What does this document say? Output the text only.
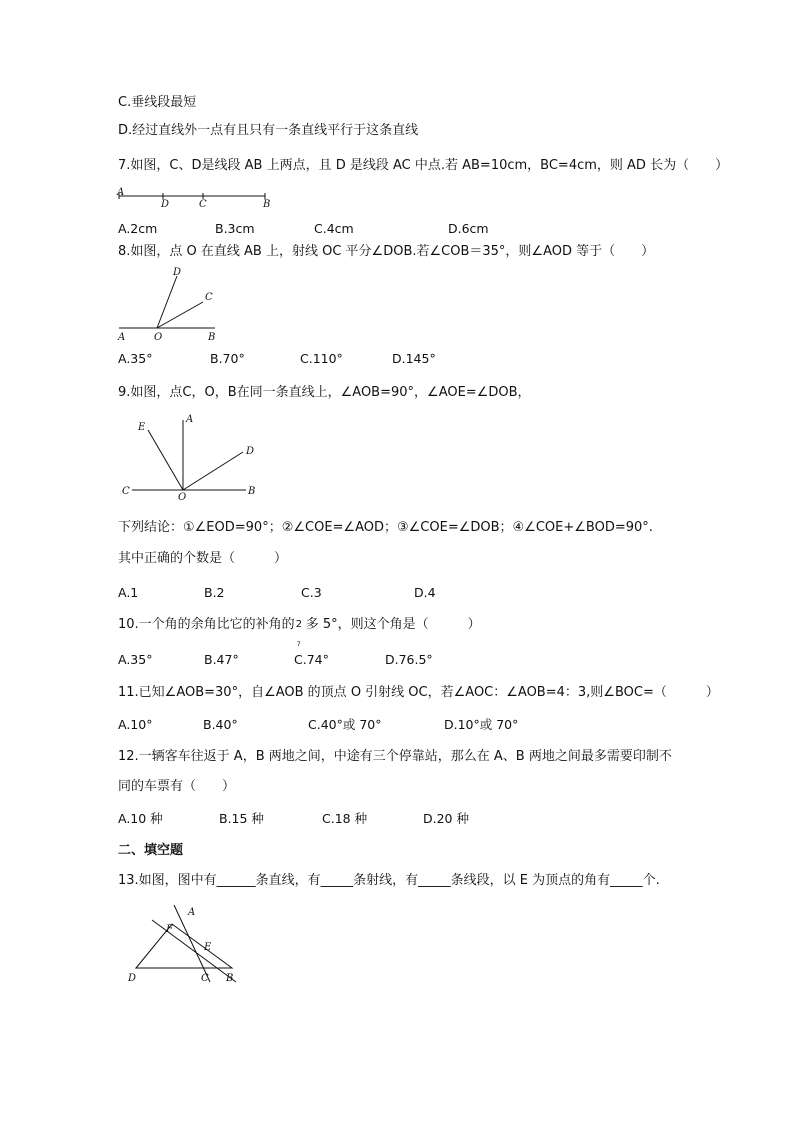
C.垂线段最短
D.经过直线外一点有且只有一条直线平行于这条直线
7.如图，C、D是线段 AB 上两点，且 D 是线段 AC 中点.若 AB=10cm，BC=4cm，则 AD 长为（　　）
A
D	C	B
A.2cm	B.3cm	C.4cm	D.6cm
8.如图，点 O 在直线 AB 上，射线 OC 平分∠DOB.若∠COB＝35°，则∠AOD 等于（　　）
D
C
A	O	B
A.35°	B.70°	C.110°	D.145°
9.如图，点C，O，B在同一条直线上，∠AOB=90°，∠AOE=∠DOB，
E
A
D
C
O
B
下列结论：①∠EOD=90°；②∠COE=∠AOD；③∠COE=∠DOB；④∠COE+∠BOD=90°.
其中正确的个数是（　　　）
A.1	B.2	C.3	D.4
10.一个角的余角比它的补角的 2
7
多 5°，则这个角是（　　　）
A.35°	B.47°	C.74°	D.76.5°
11.已知∠AOB=30°，自∠AOB 的顶点 O 引射线 OC，若∠AOC：∠AOB=4：3,则∠BOC=（　　　）
A.10°	B.40°	C.40°或 70°	D.10°或 70°
12.一辆客车往返于 A，B 两地之间，中途有三个停靠站，那么在 A、B 两地之间最多需要印制不
同的车票有（　　）
A.10 种	B.15 种	C.18 种	D.20 种
二、填空题
13.如图，图中有______条直线，有_____条射线，有_____条线段，以 E 为顶点的角有_____个.
A
F
E
D	C B
